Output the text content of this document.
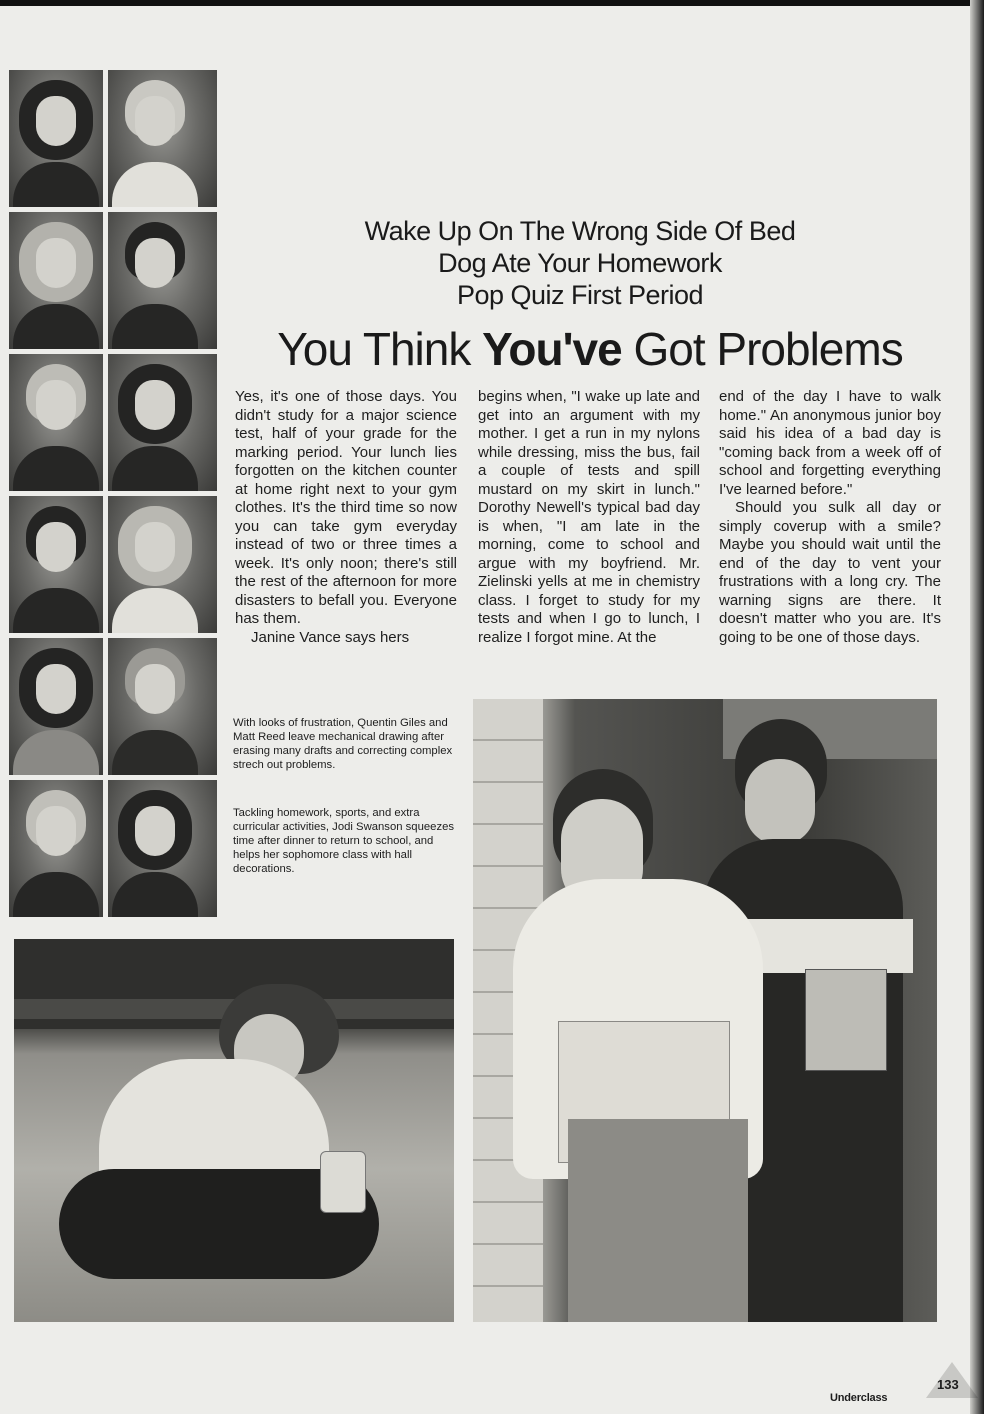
Wake Up On The Wrong Side Of Bed
Dog Ate Your Homework
Pop Quiz First Period
You Think You've Got Problems

Yes, it's one of those days. You didn't study for a major science test, half of your grade for the marking period. Your lunch lies forgotten on the kitchen counter at home right next to your gym clothes. It's the third time so now you can take gym everyday instead of two or three times a week. It's only noon; there's still the rest of the afternoon for more disasters to befall you. Everyone has them.

Janine Vance says hers

begins when, "I wake up late and get into an argument with my mother. I get a run in my nylons while dressing, miss the bus, fail a couple of tests and spill mustard on my skirt in lunch." Dorothy Newell's typical bad day is when, "I am late in the morning, come to school and argue with my boyfriend. Mr. Zielinski yells at me in chemistry class. I forget to study for my tests and when I go to lunch, I realize I forgot mine. At the

end of the day I have to walk home." An anonymous junior boy said his idea of a bad day is "coming back from a week off of school and forgetting everything I've learned before."

Should you sulk all day or simply coverup with a smile? Maybe you should wait until the end of the day to vent your frustrations with a long cry. The warning signs are there. It doesn't matter who you are. It's going to be one of those days.

With looks of frustration, Quentin Giles and Matt Reed leave mechanical drawing after erasing many drafts and correcting complex strech out problems.
Tackling homework, sports, and extra curricular activities, Jodi Swanson squeezes time after dinner to return to school, and helps her sophomore class with hall decorations.
Underclass
133
